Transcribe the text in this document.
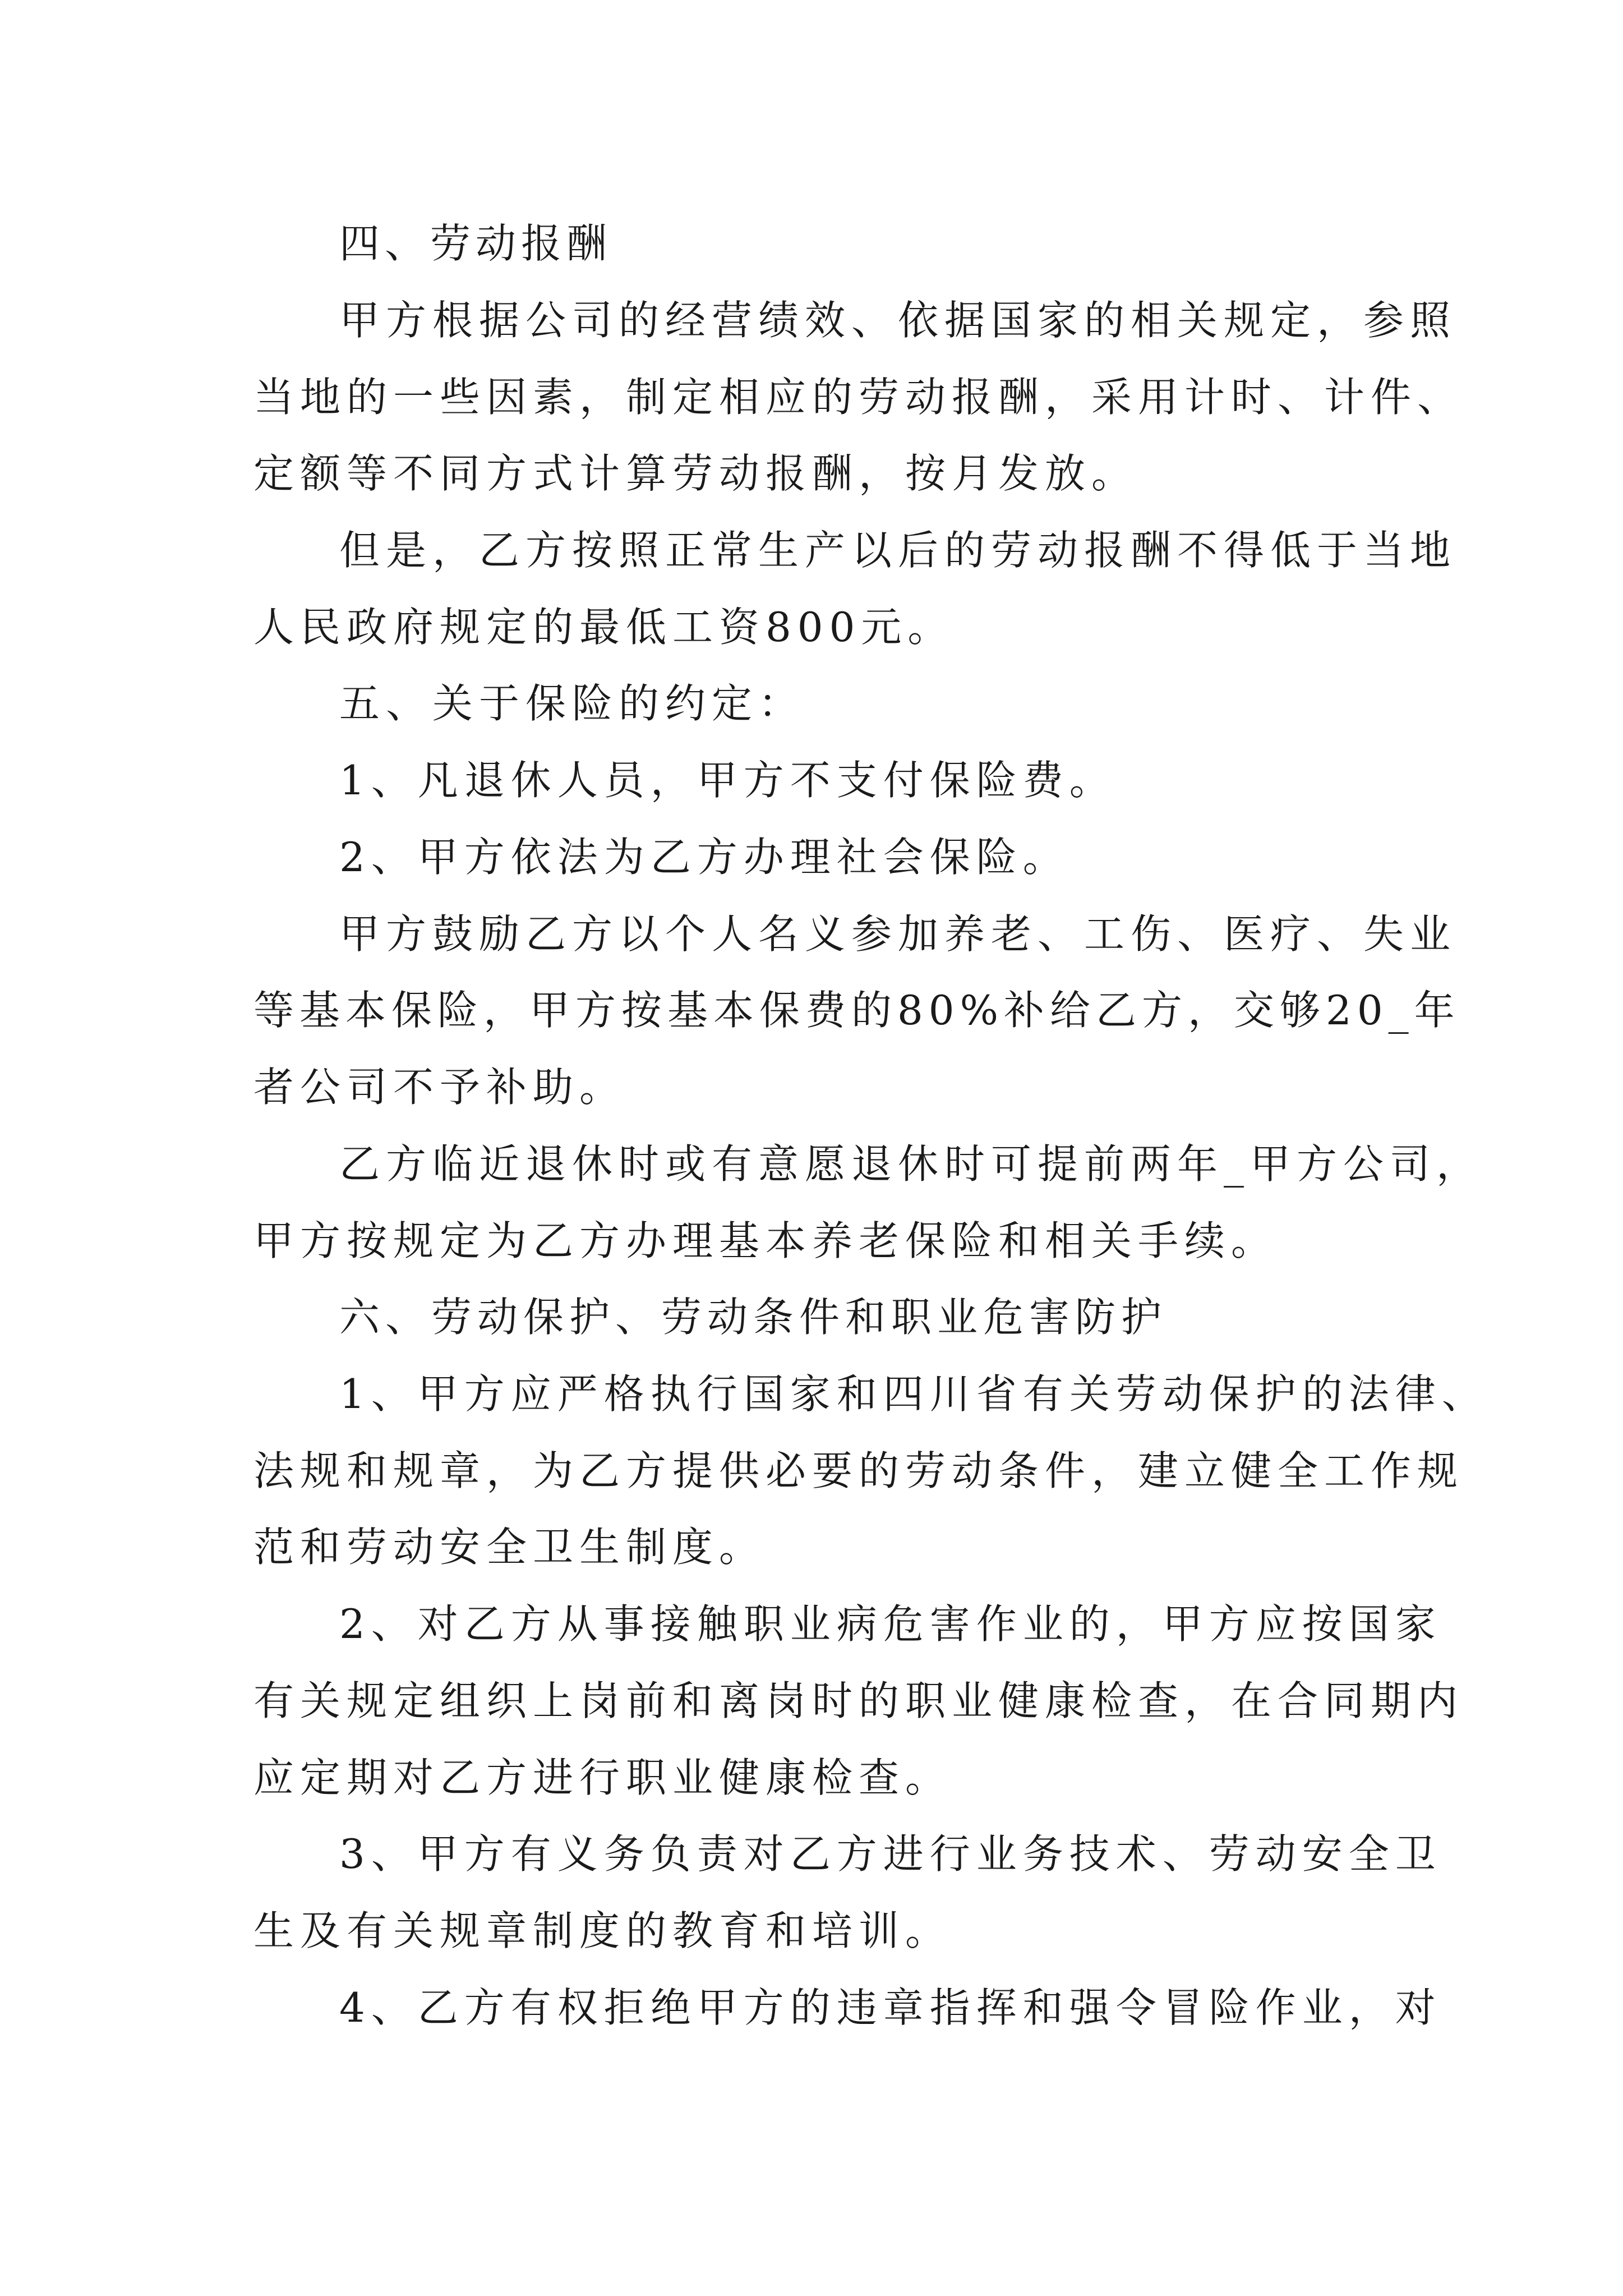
四、劳动报酬
甲方根据公司的经营绩效、依据国家的相关规定，参照
当地的一些因素，制定相应的劳动报酬，采用计时、计件、
定额等不同方式计算劳动报酬，按月发放。
但是，乙方按照正常生产以后的劳动报酬不得低于当地
人民政府规定的最低工资800元。
五、关于保险的约定：
1、凡退休人员，甲方不支付保险费。
2、甲方依法为乙方办理社会保险。
甲方鼓励乙方以个人名义参加养老、工伤、医疗、失业
等基本保险，甲方按基本保费的80%补给乙方，交够20_年
者公司不予补助。
乙方临近退休时或有意愿退休时可提前两年_甲方公司，
甲方按规定为乙方办理基本养老保险和相关手续。
六、劳动保护、劳动条件和职业危害防护
1、甲方应严格执行国家和四川省有关劳动保护的法律、
法规和规章，为乙方提供必要的劳动条件，建立健全工作规
范和劳动安全卫生制度。
2、对乙方从事接触职业病危害作业的，甲方应按国家
有关规定组织上岗前和离岗时的职业健康检查，在合同期内
应定期对乙方进行职业健康检查。
3、甲方有义务负责对乙方进行业务技术、劳动安全卫
生及有关规章制度的教育和培训。
4、乙方有权拒绝甲方的违章指挥和强令冒险作业，对
